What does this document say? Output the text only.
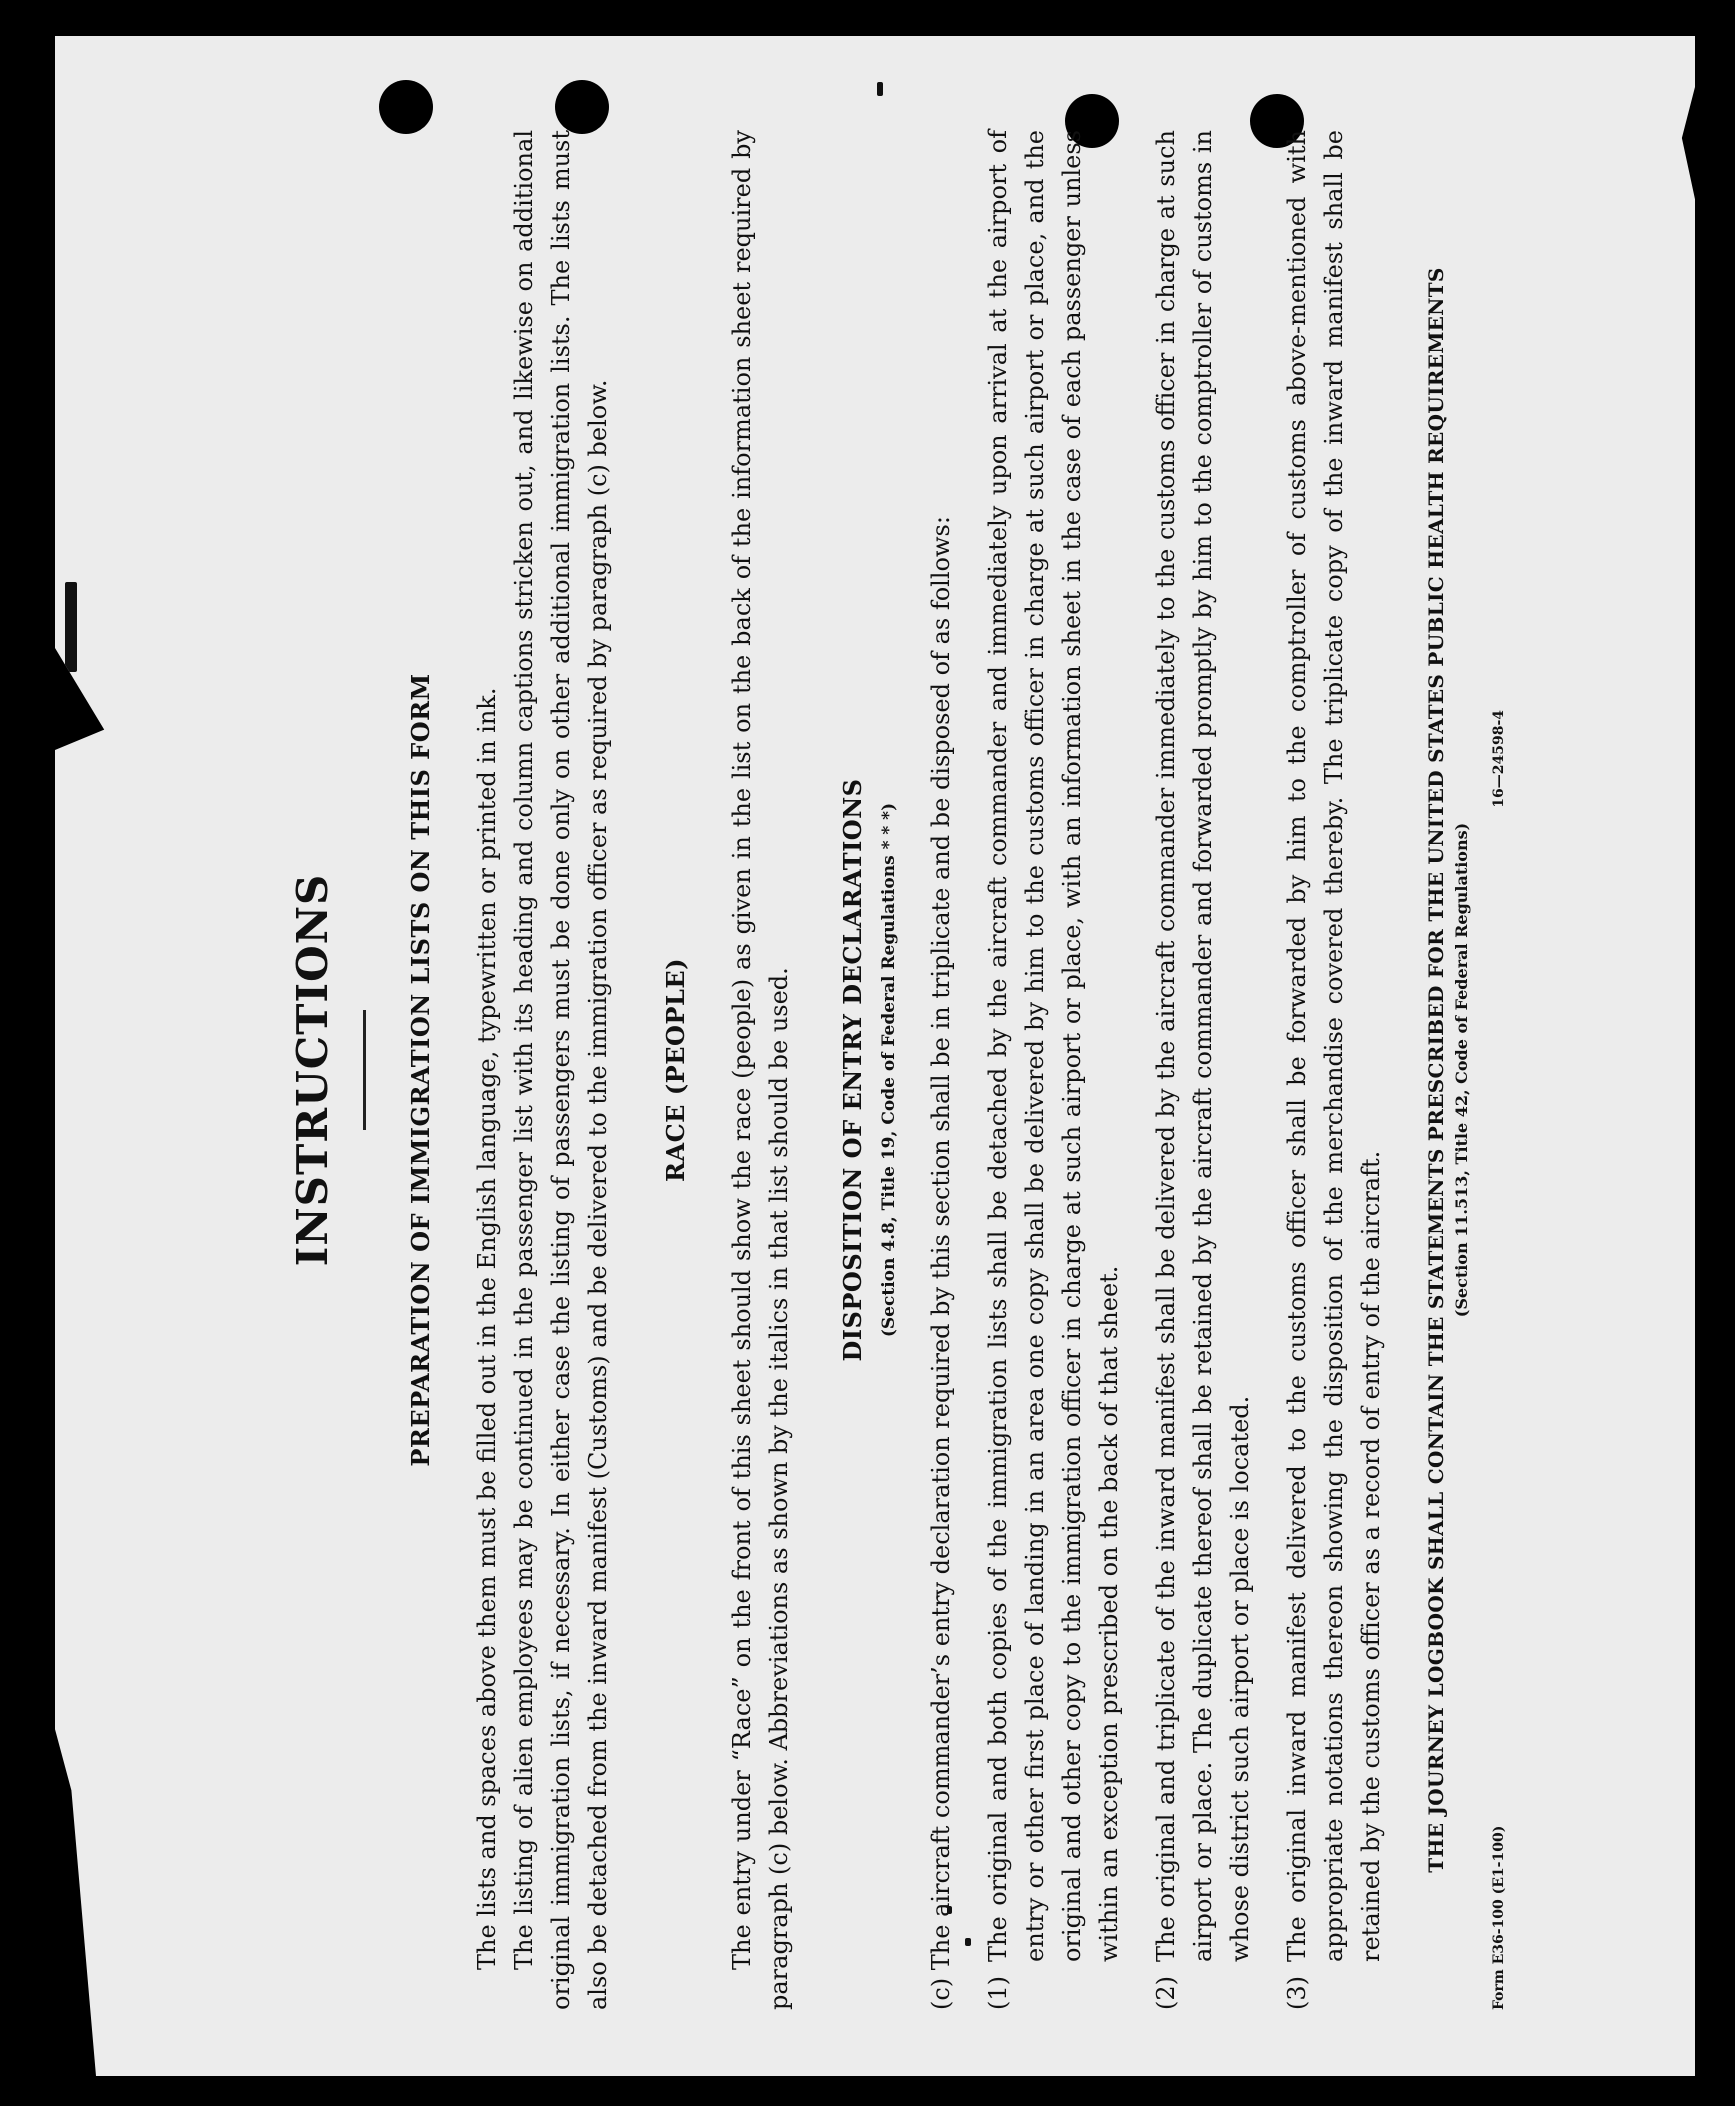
INSTRUCTIONS	PREPARATION OF IMMIGRATION LISTS ON THIS FORM The lists and spaces above them must be filled out in the English language, typewritten or printed in ink. The listing of alien employees may be continued in the passenger list with its heading and column captions stricken out, and likewise on additional original immigration lists, if necessary. In either case the listing of passengers must be done only on other additional immigration lists. The lists must also be detached from the inward manifest (Customs) and be delivered to the immigration officer as required by paragraph (c) below. RACE (PEOPLE) The entry under “Race” on the front of this sheet should show the race (people) as given in the list on the back of the information sheet required by paragraph (c) below. Abbreviations as shown by the italics in that list should be used. DISPOSITION OF ENTRY DECLARATIONS (Section 4.8, Title 19, Code of Federal Regulations * * *) (c) The aircraft commander’s entry declaration required by this section shall be in triplicate and be disposed of as follows: (1)
The original and both copies of the immigration lists shall be detached by the aircraft commander and immediately upon arrival at the airport of entry or other first place of landing in an area one copy shall be delivered by him to the customs officer in charge at such airport or place, and the original and other copy to the immigration officer in charge at such airport or place, with an information sheet in the case of each passenger unless within an exception prescribed on the back of that sheet.
(2)
The original and triplicate of the inward manifest shall be delivered by the aircraft commander immediately to the customs officer in charge at such airport or place. The duplicate thereof shall be retained by the aircraft commander and forwarded promptly by him to the comptroller of customs in whose district such airport or place is located.
(3)
The original inward manifest delivered to the customs officer shall be forwarded by him to the comptroller of customs above-mentioned with appropriate notations thereon showing the disposition of the merchandise covered thereby. The triplicate copy of the inward manifest shall be retained by the customs officer as a record of entry of the aircraft. THE JOURNEY LOGBOOK SHALL CONTAIN THE STATEMENTS PRESCRIBED FOR THE UNITED STATES PUBLIC HEALTH REQUIREMENTS (Section 11.513, Title 42, Code of Federal Regulations)
Form E36-100 (E1-100)
16—24598-4
